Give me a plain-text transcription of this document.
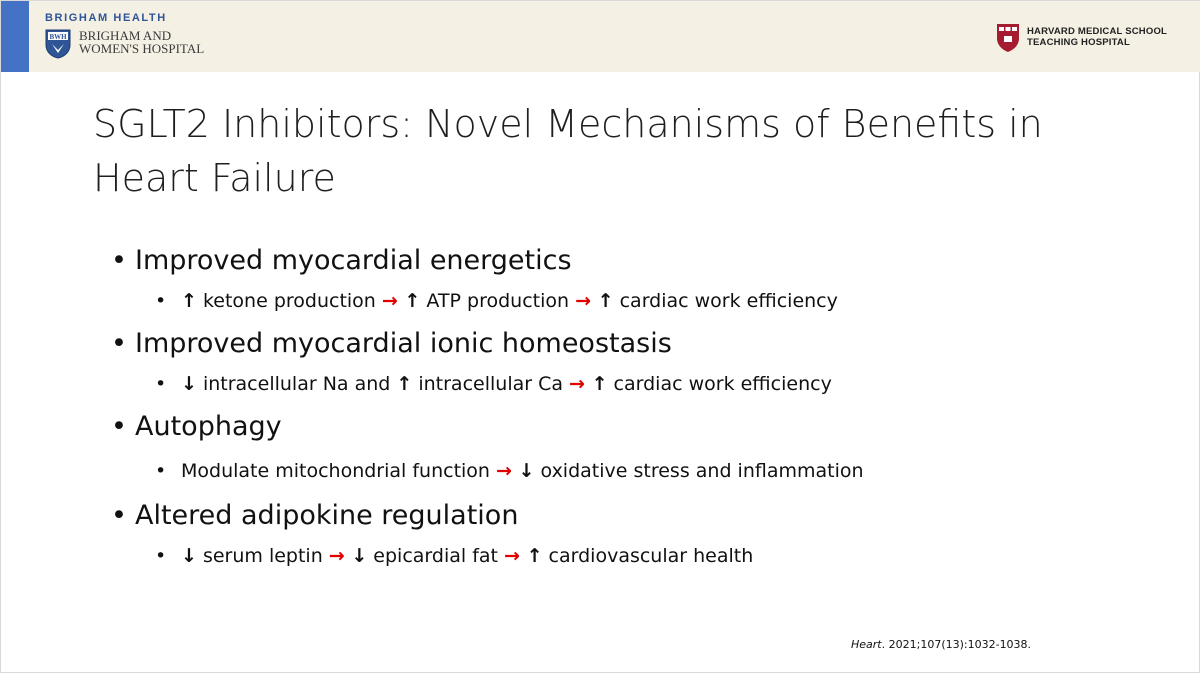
BRIGHAM HEALTH
BWH BRIGHAM AND
WOMEN'S HOSPITAL
HARVARD MEDICAL SCHOOL
TEACHING HOSPITAL
SGLT2 Inhibitors: Novel Mechanisms of Benefits in Heart Failure
• Improved myocardial energetics
• ↑ ketone production → ↑ ATP production → ↑ cardiac work efficiency
• Improved myocardial ionic homeostasis
• ↓ intracellular Na and ↑ intracellular Ca → ↑ cardiac work efficiency
• Autophagy
• Modulate mitochondrial function → ↓ oxidative stress and inflammation
• Altered adipokine regulation
• ↓ serum leptin → ↓ epicardial fat → ↑ cardiovascular health
Heart. 2021;107(13):1032-1038.
